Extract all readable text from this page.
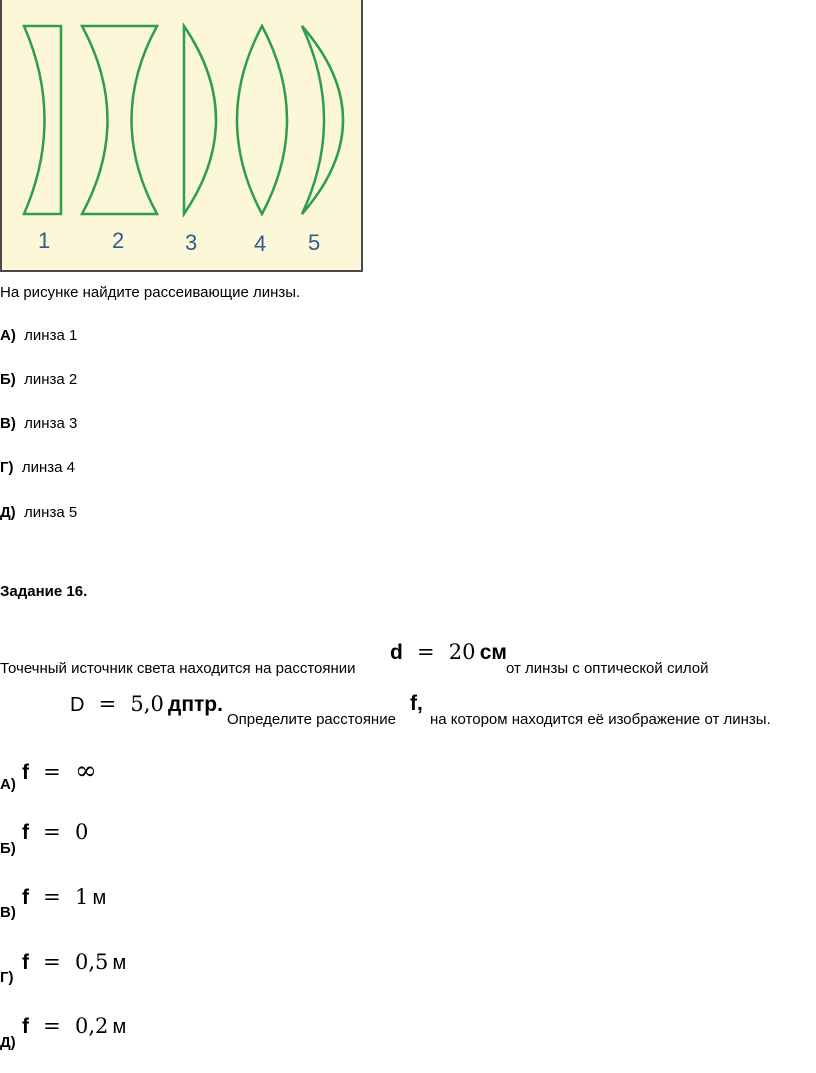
1	2	3	4 5
На рисунке найдите рассеивающие линзы.
А) линза 1
Б) линза 2
В) линза 3
Г) линза 4
Д) линза 5
Задание 16.
Точечный источник света находится на расстоянии
d = 20 см
от линзы с оптической силой
D = 5,0 дптр.
Определите расстояние
f,
на котором находится её изображение от линзы.
А)
f = ∞
Б)
f = 0
В)
f = 1 м
Г)
f = 0,5 м
Д)
f = 0,2 м
